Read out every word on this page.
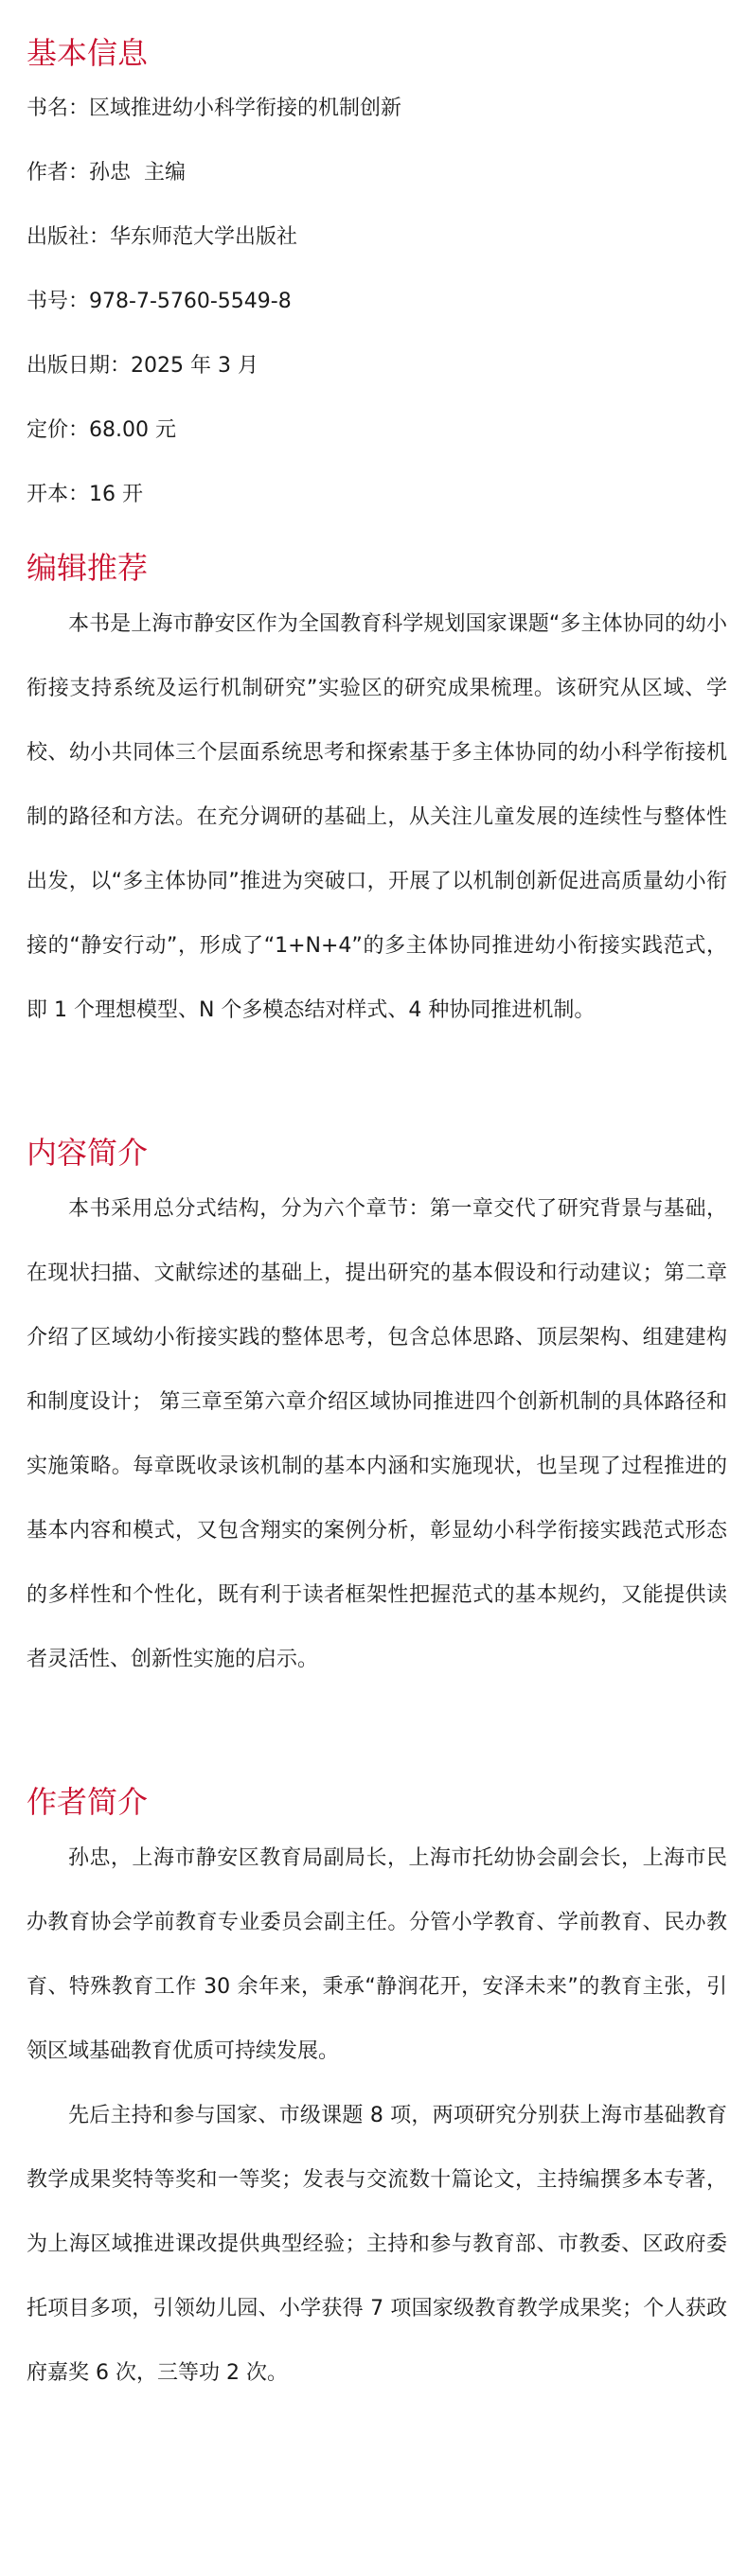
基本信息
书名：区域推进幼小科学衔接的机制创新
作者：孙忠  主编
出版社：华东师范大学出版社
书号：978-7-5760-5549-8
出版日期：2025 年 3 月
定价：68.00 元
开本：16 开
编辑推荐

本书是上海市静安区作为全国教育科学规划国家课题“多主体协同的幼小衔接支持系统及运行机制研究”实验区的研究成果梳理。该研究从区域、学校、幼小共同体三个层面系统思考和探索基于多主体协同的幼小科学衔接机制的路径和方法。在充分调研的基础上，从关注儿童发展的连续性与整体性出发，以“多主体协同”推进为突破口，开展了以机制创新促进高质量幼小衔接的“静安行动”，形成了“1+N+4”的多主体协同推进幼小衔接实践范式，即 1 个理想模型、N 个多模态结对样式、4 种协同推进机制。

内容简介

本书采用总分式结构，分为六个章节：第一章交代了研究背景与基础，在现状扫描、文献综述的基础上，提出研究的基本假设和行动建议；第二章介绍了区域幼小衔接实践的整体思考，包含总体思路、顶层架构、组建建构和制度设计； 第三章至第六章介绍区域协同推进四个创新机制的具体路径和实施策略。每章既收录该机制的基本内涵和实施现状，也呈现了过程推进的基本内容和模式，又包含翔实的案例分析，彰显幼小科学衔接实践范式形态的多样性和个性化，既有利于读者框架性把握范式的基本规约，又能提供读者灵活性、创新性实施的启示。

作者简介

孙忠，上海市静安区教育局副局长，上海市托幼协会副会长，上海市民办教育协会学前教育专业委员会副主任。分管小学教育、学前教育、民办教育、特殊教育工作 30 余年来，秉承“静润花开，安泽未来”的教育主张，引领区域基础教育优质可持续发展。

先后主持和参与国家、市级课题 8 项，两项研究分别获上海市基础教育教学成果奖特等奖和一等奖；发表与交流数十篇论文，主持编撰多本专著，为上海区域推进课改提供典型经验；主持和参与教育部、市教委、区政府委托项目多项，引领幼儿园、小学获得 7 项国家级教育教学成果奖；个人获政府嘉奖 6 次，三等功 2 次。
